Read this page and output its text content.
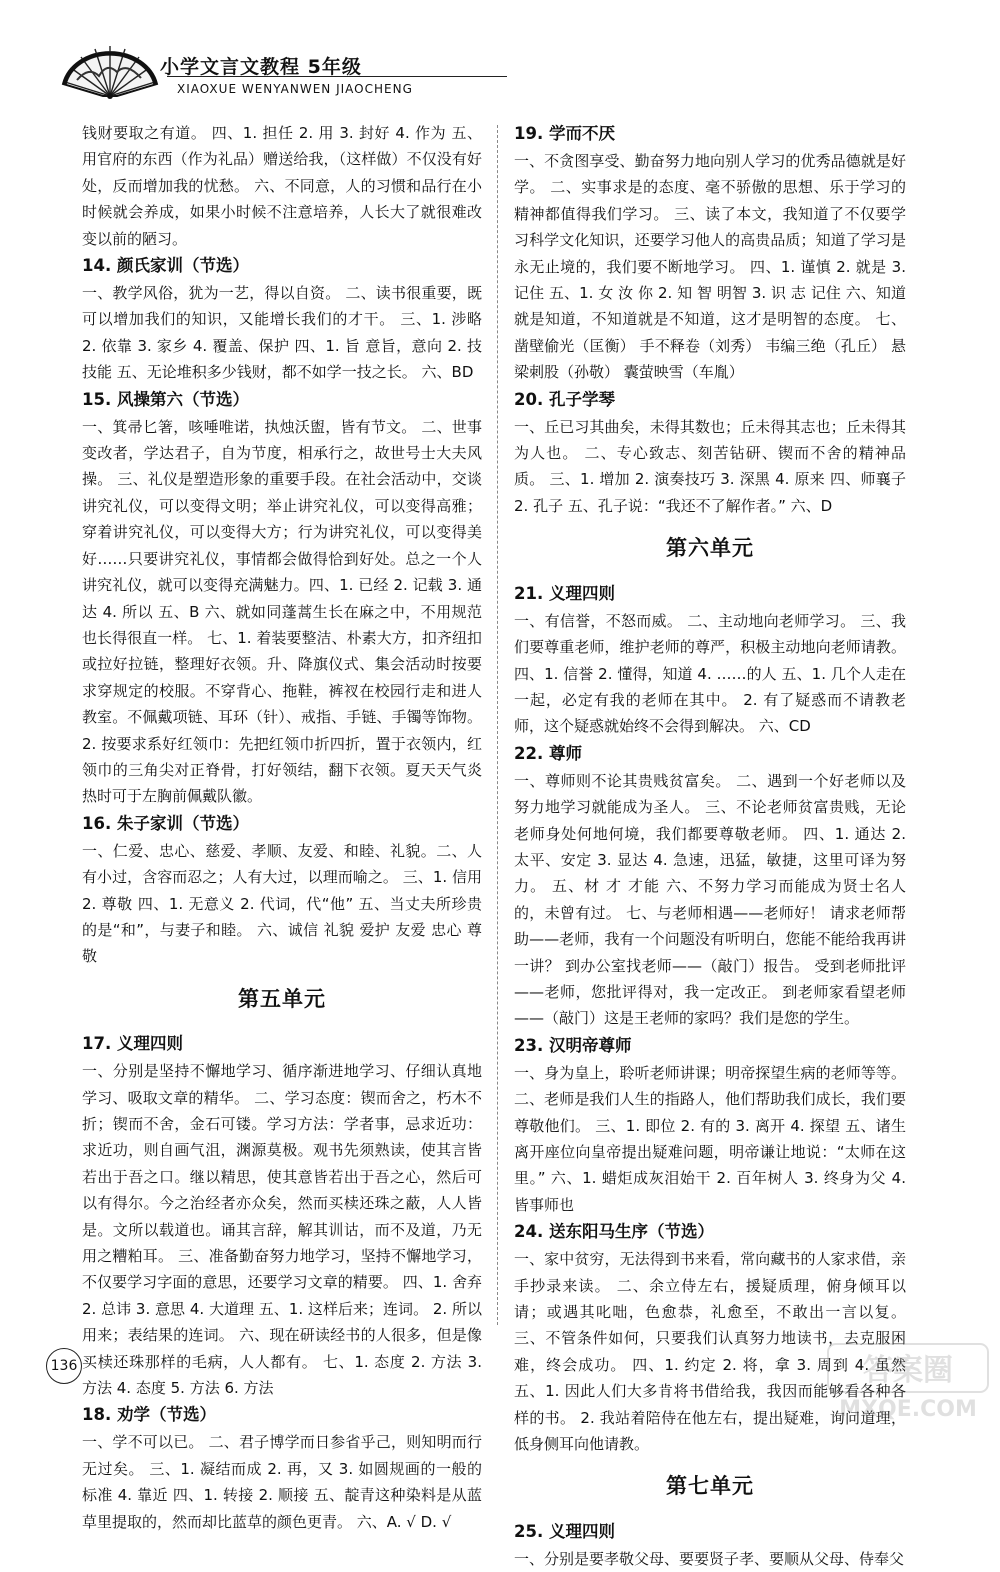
小学文言文教程 5年级
XIAOXUE WENYANWEN JIAOCHENG
钱财要取之有道。 四、1. 担任 2. 用 3. 封好 4. 作为 五、用官府的东西（作为礼品）赠送给我，（这样做）不仅没有好处，反而增加我的忧愁。 六、不同意，人的习惯和品行在小时候就会养成，如果小时候不注意培养，人长大了就很难改变以前的陋习。
14. 颜氏家训（节选）
一、教学风俗，犹为一艺，得以自资。 二、读书很重要，既可以增加我们的知识，又能增长我们的才干。 三、1. 涉略 2. 依靠 3. 家乡 4. 覆盖、保护 四、1. 旨 意旨，意向 2. 技 技能 五、无论堆积多少钱财，都不如学一技之长。 六、BD
15. 风操第六（节选）
一、箕帚匕箸，咳唾唯诺，执烛沃盥，皆有节文。 二、世事变改者，学达君子，自为节度，相承行之，故世号士大夫风操。 三、礼仪是塑造形象的重要手段。在社会活动中，交谈讲究礼仪，可以变得文明；举止讲究礼仪，可以变得高雅；穿着讲究礼仪，可以变得大方；行为讲究礼仪，可以变得美好……只要讲究礼仪，事情都会做得恰到好处。总之一个人讲究礼仪，就可以变得充满魅力。四、1. 已经 2. 记载 3. 通达 4. 所以 五、B 六、就如同蓬蒿生长在麻之中，不用规范也长得很直一样。 七、1. 着装要整洁、朴素大方，扣齐纽扣或拉好拉链，整理好衣领。升、降旗仪式、集会活动时按要求穿规定的校服。不穿背心、拖鞋，裤衩在校园行走和进人教室。不佩戴项链、耳环（针）、戒指、手链、手镯等饰物。 2. 按要求系好红领巾：先把红领巾折四折，置于衣领内，红领巾的三角尖对正脊骨，打好领结，翻下衣领。夏天天气炎热时可于左胸前佩戴队徽。
16. 朱子家训（节选）
一、仁爱、忠心、慈爱、孝顺、友爱、和睦、礼貌。二、人有小过，含容而忍之；人有大过，以理而喻之。 三、1. 信用 2. 尊敬 四、1. 无意义 2. 代词，代“他” 五、当丈夫所珍贵的是“和”，与妻子和睦。 六、诚信 礼貌 爱护 友爱 忠心 尊敬
第五单元
17. 义理四则
一、分别是坚持不懈地学习、循序渐进地学习、仔细认真地学习、吸取文章的精华。 二、学习态度：锲而舍之，朽木不折；锲而不舍，金石可镂。学习方法：学者事，忌求近功：求近功，则自画气沮，渊源莫极。观书先须熟读，使其言皆若出于吾之口。继以精思，使其意皆若出于吾之心，然后可以有得尔。今之治经者亦众矣，然而买椟还珠之蔽，人人皆是。文所以载道也。诵其言辞，解其训诂，而不及道，乃无用之糟粕耳。 三、准备勤奋努力地学习，坚持不懈地学习，不仅要学习字面的意思，还要学习文章的精要。 四、1. 舍弃 2. 总讳 3. 意思 4. 大道理 五、1. 这样后来；连词。 2. 所以用来；表结果的连词。 六、现在研读经书的人很多，但是像买椟还珠那样的毛病，人人都有。 七、1. 态度 2. 方法 3. 方法 4. 态度 5. 方法 6. 方法
18. 劝学（节选）
一、学不可以已。 二、君子博学而日参省乎己，则知明而行无过矣。 三、1. 凝结而成 2. 再，又 3. 如圆规画的一般的标准 4. 靠近 四、1. 转接 2. 顺接 五、靛青这种染料是从蓝草里提取的，然而却比蓝草的颜色更青。 六、A. √ D. √
19. 学而不厌
一、不贪图享受、勤奋努力地向别人学习的优秀品德就是好学。 二、实事求是的态度、毫不骄傲的思想、乐于学习的精神都值得我们学习。 三、读了本文，我知道了不仅要学习科学文化知识，还要学习他人的高贵品质；知道了学习是永无止境的，我们要不断地学习。 四、1. 谨慎 2. 就是 3. 记住 五、1. 女 汝 你 2. 知 智 明智 3. 识 志 记住 六、知道就是知道，不知道就是不知道，这才是明智的态度。 七、凿壁偷光（匡衡） 手不释卷（刘秀） 韦编三绝（孔丘） 悬梁刺股（孙敬） 囊萤映雪（车胤）
20. 孔子学琴
一、丘已习其曲矣，未得其数也；丘未得其志也；丘未得其为人也。 二、专心致志、刻苦钻研、锲而不舍的精神品质。 三、1. 增加 2. 演奏技巧 3. 深黑 4. 原来 四、师襄子 2. 孔子 五、孔子说：“我还不了解作者。” 六、D
第六单元
21. 义理四则
一、有信誉，不怒而威。 二、主动地向老师学习。 三、我们要尊重老师，维护老师的尊严，积极主动地向老师请教。 四、1. 信誉 2. 懂得，知道 4. ……的人 五、1. 几个人走在一起，必定有我的老师在其中。 2. 有了疑惑而不请教老师，这个疑惑就始终不会得到解决。 六、CD
22. 尊师
一、尊师则不论其贵贱贫富矣。 二、遇到一个好老师以及努力地学习就能成为圣人。 三、不论老师贫富贵贱，无论老师身处何地何境，我们都要尊敬老师。 四、1. 通达 2. 太平、安定 3. 显达 4. 急速，迅猛，敏捷，这里可译为努力。 五、材 才 才能 六、不努力学习而能成为贤士名人的，未曾有过。 七、与老师相遇——老师好！ 请求老师帮助——老师，我有一个问题没有听明白，您能不能给我再讲一讲？ 到办公室找老师——（敲门）报告。 受到老师批评——老师，您批评得对，我一定改正。 到老师家看望老师——（敲门）这是王老师的家吗？我们是您的学生。
23. 汉明帝尊师
一、身为皇上，聆听老师讲课；明帝探望生病的老师等等。 二、老师是我们人生的指路人，他们帮助我们成长，我们要尊敬他们。 三、1. 即位 2. 有的 3. 离开 4. 探望 五、诸生离开座位向皇帝提出疑难问题，明帝谦让地说：“太师在这里。” 六、1. 蜡炬成灰泪始干 2. 百年树人 3. 终身为父 4. 皆事师也
24. 送东阳马生序（节选）
一、家中贫穷，无法得到书来看，常向藏书的人家求借，亲手抄录来读。 二、余立侍左右，援疑质理，俯身倾耳以请；或遇其叱咄，色愈恭，礼愈至，不敢出一言以复。 三、不管条件如何，只要我们认真努力地读书，去克服困难，终会成功。 四、1. 约定 2. 将，拿 3. 周到 4. 虽然 五、1. 因此人们大多肯将书借给我，我因而能够看各种各样的书。 2. 我站着陪侍在他左右，提出疑难，询问道理，低身侧耳向他请教。
第七单元
25. 义理四则
一、分别是要孝敬父母、要要贤子孝、要顺从父母、侍奉父
136	答案圈
MXQE.COM
